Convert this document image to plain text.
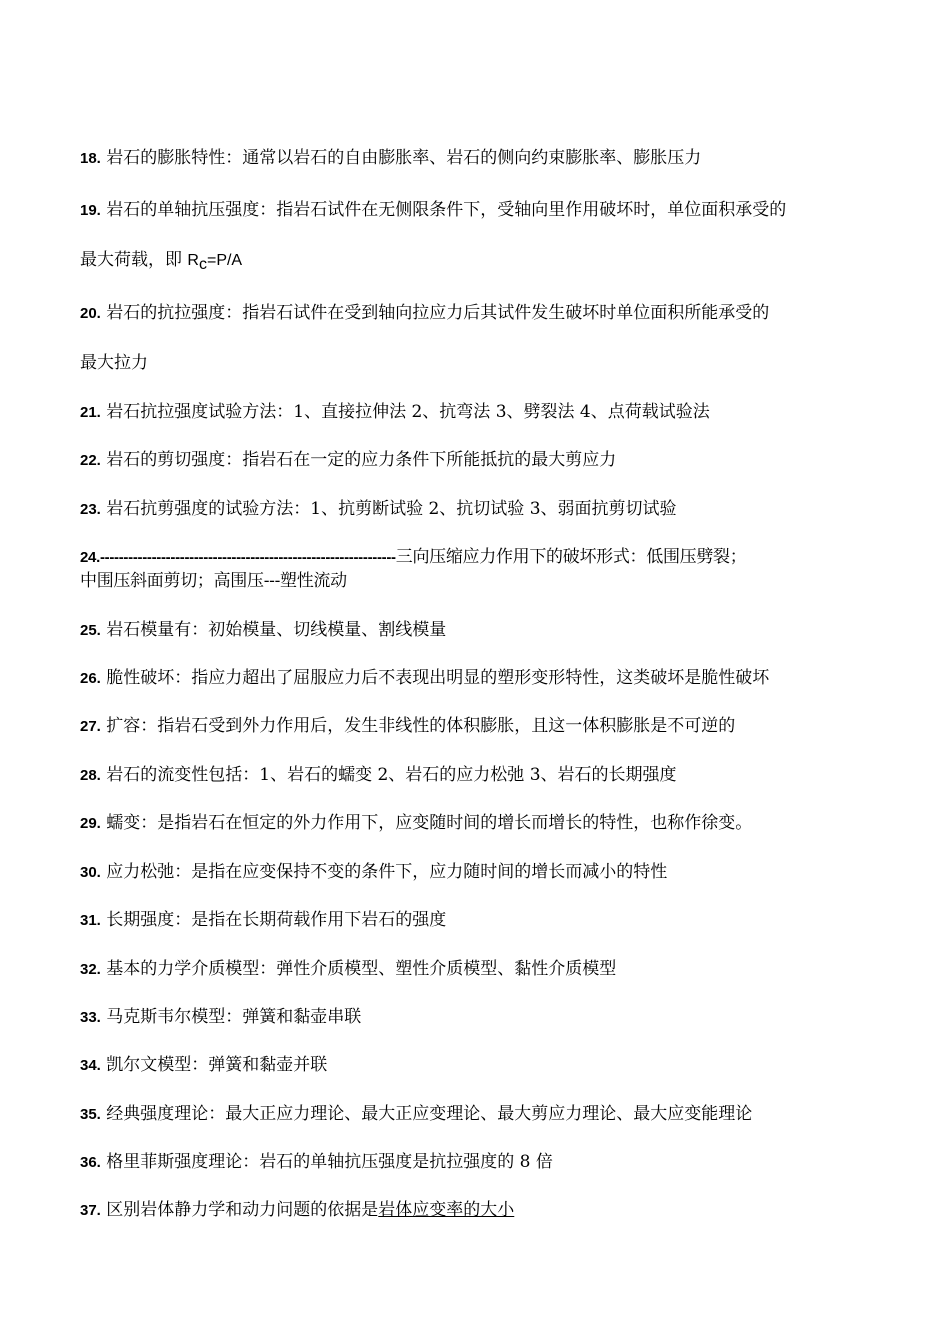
18. 岩石的膨胀特性：通常以岩石的自由膨胀率、岩石的侧向约束膨胀率、膨胀压力
19. 岩石的单轴抗压强度：指岩石试件在无侧限条件下，受轴向里作用破坏时，单位面积承受的
最大荷载，即 Rc=P/A
20. 岩石的抗拉强度：指岩石试件在受到轴向拉应力后其试件发生破坏时单位面积所能承受的
最大拉力
21. 岩石抗拉强度试验方法：1、直接拉伸法 2、抗弯法 3、劈裂法 4、点荷载试验法
22. 岩石的剪切强度：指岩石在一定的应力条件下所能抵抗的最大剪应力
23. 岩石抗剪强度的试验方法：1、抗剪断试验 2、抗切试验 3、弱面抗剪切试验
24.---------------------------------------------------------------三向压缩应力作用下的破坏形式：低围压劈裂；
中围压斜面剪切；高围压---塑性流动
25. 岩石模量有：初始模量、切线模量、割线模量
26. 脆性破坏：指应力超出了屈服应力后不表现出明显的塑形变形特性，这类破坏是脆性破坏
27. 扩容：指岩石受到外力作用后，发生非线性的体积膨胀，且这一体积膨胀是不可逆的
28. 岩石的流变性包括：1、岩石的蠕变 2、岩石的应力松弛 3、岩石的长期强度
29. 蠕变：是指岩石在恒定的外力作用下，应变随时间的增长而增长的特性，也称作徐变。
30. 应力松弛：是指在应变保持不变的条件下，应力随时间的增长而减小的特性
31. 长期强度：是指在长期荷载作用下岩石的强度
32. 基本的力学介质模型：弹性介质模型、塑性介质模型、黏性介质模型
33. 马克斯韦尔模型：弹簧和黏壶串联
34. 凯尔文模型：弹簧和黏壶并联
35. 经典强度理论：最大正应力理论、最大正应变理论、最大剪应力理论、最大应变能理论
36. 格里菲斯强度理论：岩石的单轴抗压强度是抗拉强度的 8 倍
37. 区别岩体静力学和动力问题的依据是岩体应变率的大小
